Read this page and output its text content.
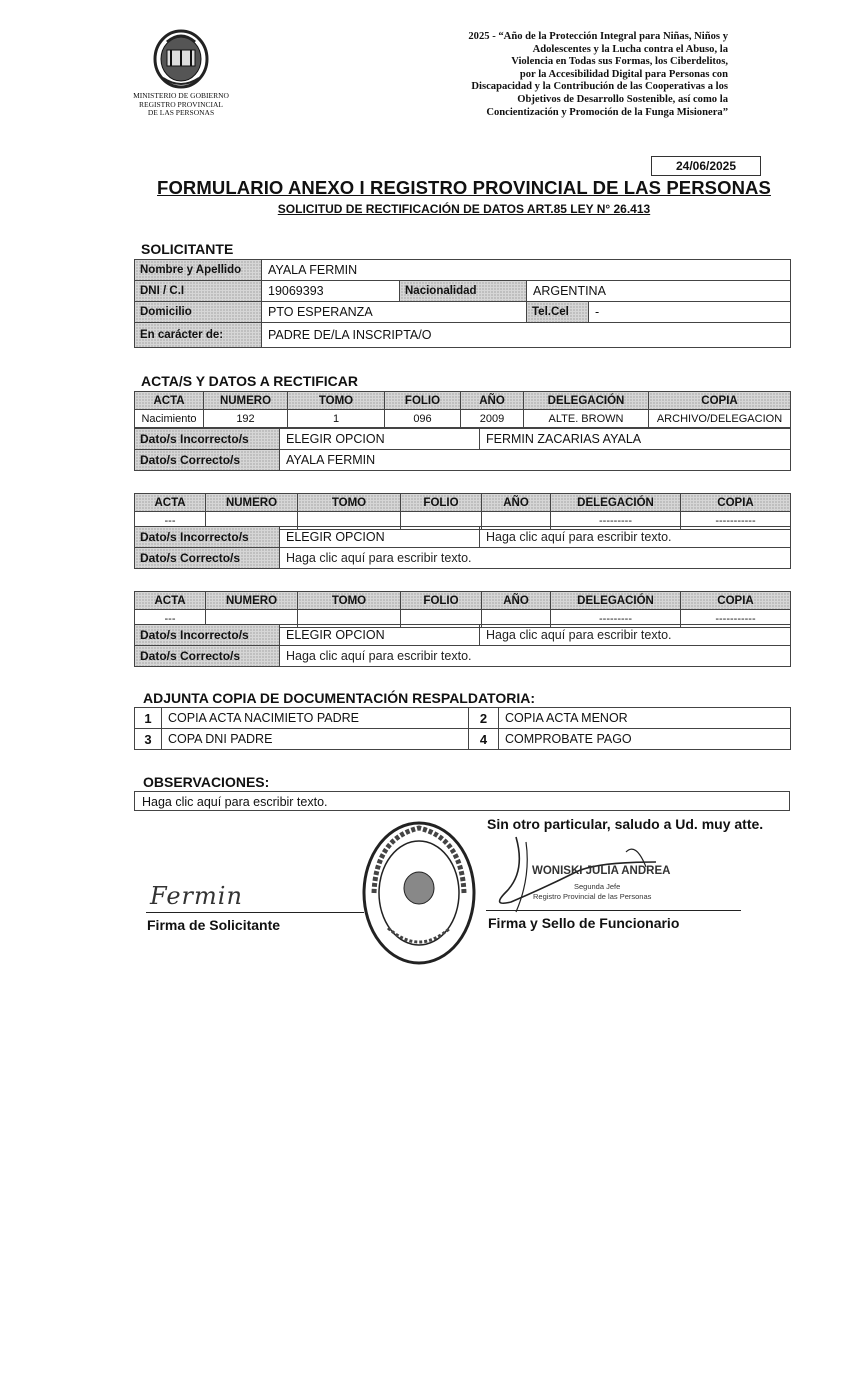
MINISTERIO DE GOBIERNO
REGISTRO PROVINCIAL
DE LAS PERSONAS
2025 - “Año de la Protección Integral para Niñas, Niños y
Adolescentes y la Lucha contra el Abuso, la
Violencia en Todas sus Formas, los Ciberdelitos,
por la Accesibilidad Digital para Personas con
Discapacidad y la Contribución de las Cooperativas a los
Objetivos de Desarrollo Sostenible, así como la
Concientización y Promoción de la Funga Misionera”
24/06/2025
FORMULARIO ANEXO I REGISTRO PROVINCIAL DE LAS PERSONAS
SOLICITUD DE RECTIFICACIÓN DE DATOS ART.85 LEY N° 26.413
SOLICITANTE
Nombre y Apellido	AYALA FERMIN			
DNI / C.I	19069393	Nacionalidad	ARGENTINA	
Domicilio	PTO ESPERANZA		Tel.Cel	-
En carácter de:	PADRE DE/LA INSCRIPTA/O			
ACTA/S Y DATOS A RECTIFICAR
ACTA	NUMERO	TOMO	FOLIO	AÑO	DELEGACIÓN	COPIA
Nacimiento	192	1	096	2009	ALTE. BROWN	ARCHIVO/DELEGACION
Dato/s Incorrecto/s	ELEGIR OPCION	FERMIN ZACARIAS AYALA
Dato/s Correcto/s	AYALA FERMIN	
ACTA	NUMERO	TOMO	FOLIO	AÑO	DELEGACIÓN	COPIA
---					---------	-----------
Dato/s Incorrecto/s	ELEGIR OPCION	Haga clic aquí para escribir texto.
Dato/s Correcto/s	Haga clic aquí para escribir texto.	
ACTA	NUMERO	TOMO	FOLIO	AÑO	DELEGACIÓN	COPIA
---					---------	-----------
Dato/s Incorrecto/s	ELEGIR OPCION	Haga clic aquí para escribir texto.
Dato/s Correcto/s	Haga clic aquí para escribir texto.	
ADJUNTA COPIA DE DOCUMENTACIÓN RESPALDATORIA:
1	COPIA ACTA NACIMIETO PADRE	2	COPIA ACTA MENOR
3	COPA DNI PADRE	4	COMPROBATE PAGO
OBSERVACIONES:
Haga clic aquí para escribir texto.
Sin otro particular, saludo a Ud. muy atte.
Fermin
Firma de Solicitante
WONISKI JULIA ANDREA
Segunda Jefe
Registro Provincial de las Personas
Firma y Sello de Funcionario
